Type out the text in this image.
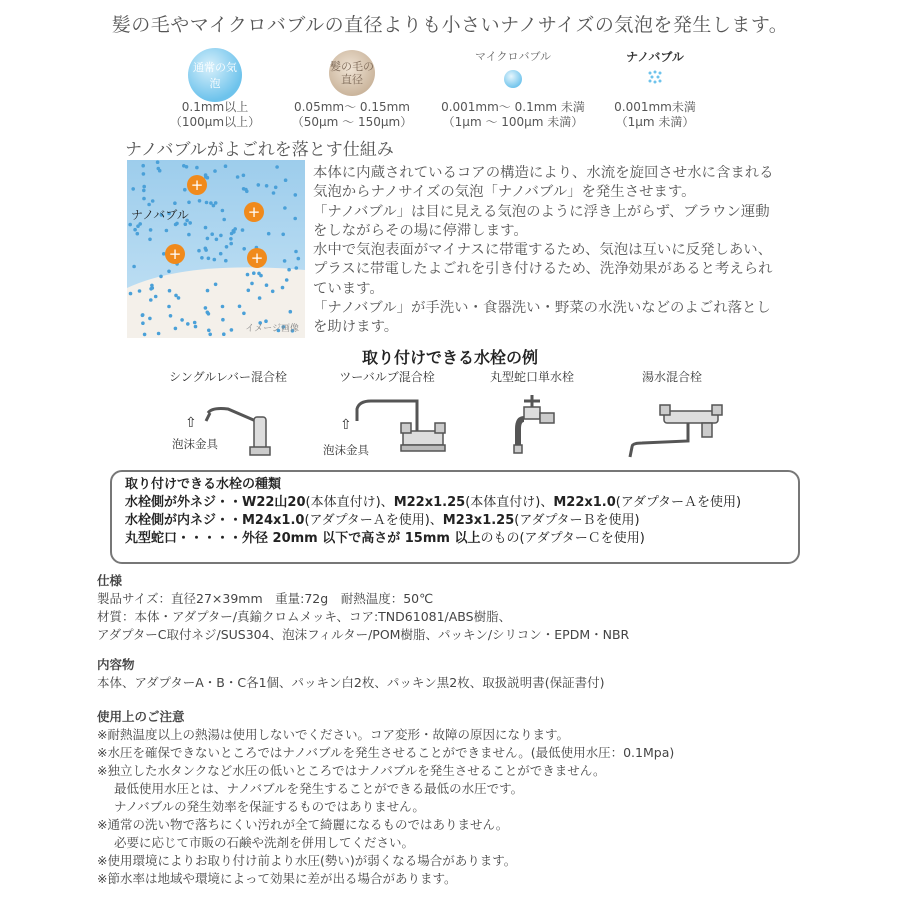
髪の毛やマイクロバブルの直径よりも小さいナノサイズの気泡を発生します。
通常の気泡
0.1mm以上
（100μm以上）
髪の毛の
直径
0.05mm～ 0.15mm
（50μm ～ 150μm）
マイクロバブル
0.001mm～ 0.1mm 未満
（1μm ～ 100μm 未満）
ナノバブル
0.001mm未満
（1μm 未満）
ナノバブルがよごれを落とす仕組み
+
+
+	+
ナノバブル
イメージ画像

本体に内蔵されているコアの構造により、水流を旋回させ水に含まれる気泡からナノサイズの気泡「ナノバブル」を発生させます。

「ナノバブル」は目に見える気泡のように浮き上がらず、ブラウン運動をしながらその場に停滞します。

水中で気泡表面がマイナスに帯電するため、気泡は互いに反発しあい、プラスに帯電したよごれを引き付けるため、洗浄効果があると考えられています。

「ナノバブル」が手洗い・食器洗い・野菜の水洗いなどのよごれ落としを助けます。

取り付けできる水栓の例
シングルレバー混合栓
⇧
泡沫金具
ツーバルブ混合栓
⇧
泡沫金具
丸型蛇口単水栓	湯水混合栓
取り付けできる水栓の種類
水栓側が外ネジ・・W22山20(本体直付け)、M22x1.25(本体直付け)、M22x1.0(アダプターＡを使用)
水栓側が内ネジ・・M24x1.0(アダプターＡを使用)、M23x1.25(アダプターＢを使用)
丸型蛇口・・・・・外径 20mm 以下で高さが 15mm 以上のもの(アダプターＣを使用)
仕様
製品サイズ：直径27×39mm　重量:72g　耐熱温度：50℃
材質：本体・アダプター/真鍮クロムメッキ、コア:TND61081/ABS樹脂、
アダプターC取付ネジ/SUS304、泡沫フィルター/POM樹脂、パッキン/シリコン・EPDM・NBR
内容物
本体、アダプターA・B・C各1個、パッキン白2枚、パッキン黒2枚、取扱説明書(保証書付)
使用上のご注意
※耐熱温度以上の熱湯は使用しないでください。コア変形・故障の原因になります。
※水圧を確保できないところではナノバブルを発生させることができません。(最低使用水圧：0.1Mpa)
※独立した水タンクなど水圧の低いところではナノバブルを発生させることができません。
最低使用水圧とは、ナノバブルを発生することができる最低の水圧です。
ナノバブルの発生効率を保証するものではありません。
※通常の洗い物で落ちにくい汚れが全て綺麗になるものではありません。
必要に応じて市販の石鹸や洗剤を併用してください。
※使用環境によりお取り付け前より水圧(勢い)が弱くなる場合があります。
※節水率は地域や環境によって効果に差が出る場合があります。
